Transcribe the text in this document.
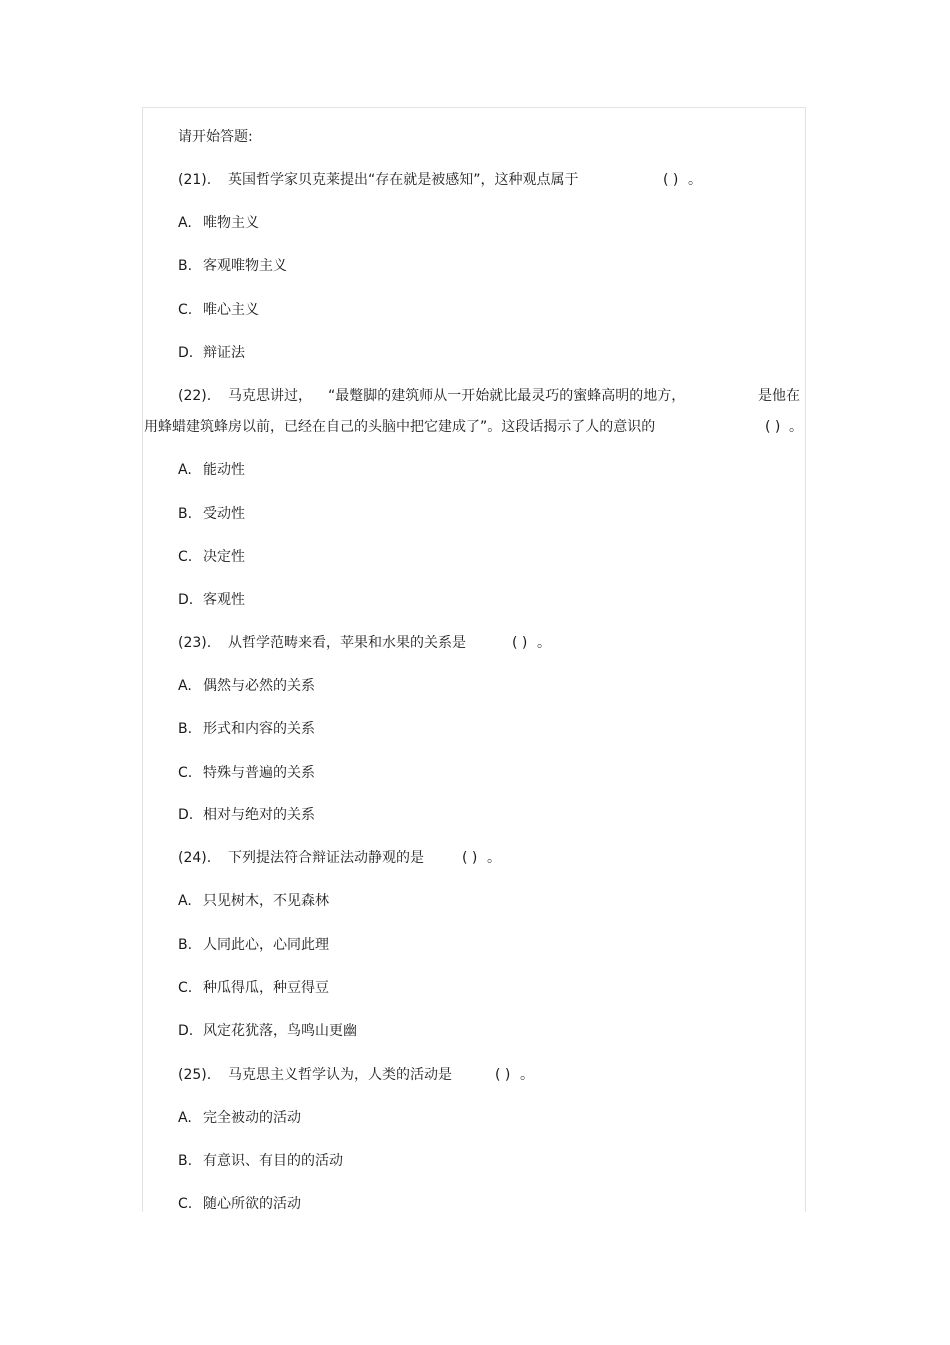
请开始答题:
(21). 英国哲学家贝克莱提出“存在就是被感知”，这种观点属于	( ) 。
A. 唯物主义
B. 客观唯物主义
C. 唯心主义
D. 辩证法
(22). 马克思讲过， “最蹩脚的建筑师从一开始就比最灵巧的蜜蜂高明的地方，	是他在
用蜂蜡建筑蜂房以前，已经在自己的头脑中把它建成了”。这段话揭示了人的意识的	( ) 。
A. 能动性
B. 受动性
C. 决定性
D. 客观性
(23). 从哲学范畴来看，苹果和水果的关系是	( ) 。
A. 偶然与必然的关系
B. 形式和内容的关系
C. 特殊与普遍的关系
D. 相对与绝对的关系
(24). 下列提法符合辩证法动静观的是	( ) 。
A. 只见树木，不见森林
B. 人同此心，心同此理
C. 种瓜得瓜，种豆得豆
D. 风定花犹落，鸟鸣山更幽
(25). 马克思主义哲学认为，人类的活动是	( ) 。
A. 完全被动的活动
B. 有意识、有目的的活动
C. 随心所欲的活动
